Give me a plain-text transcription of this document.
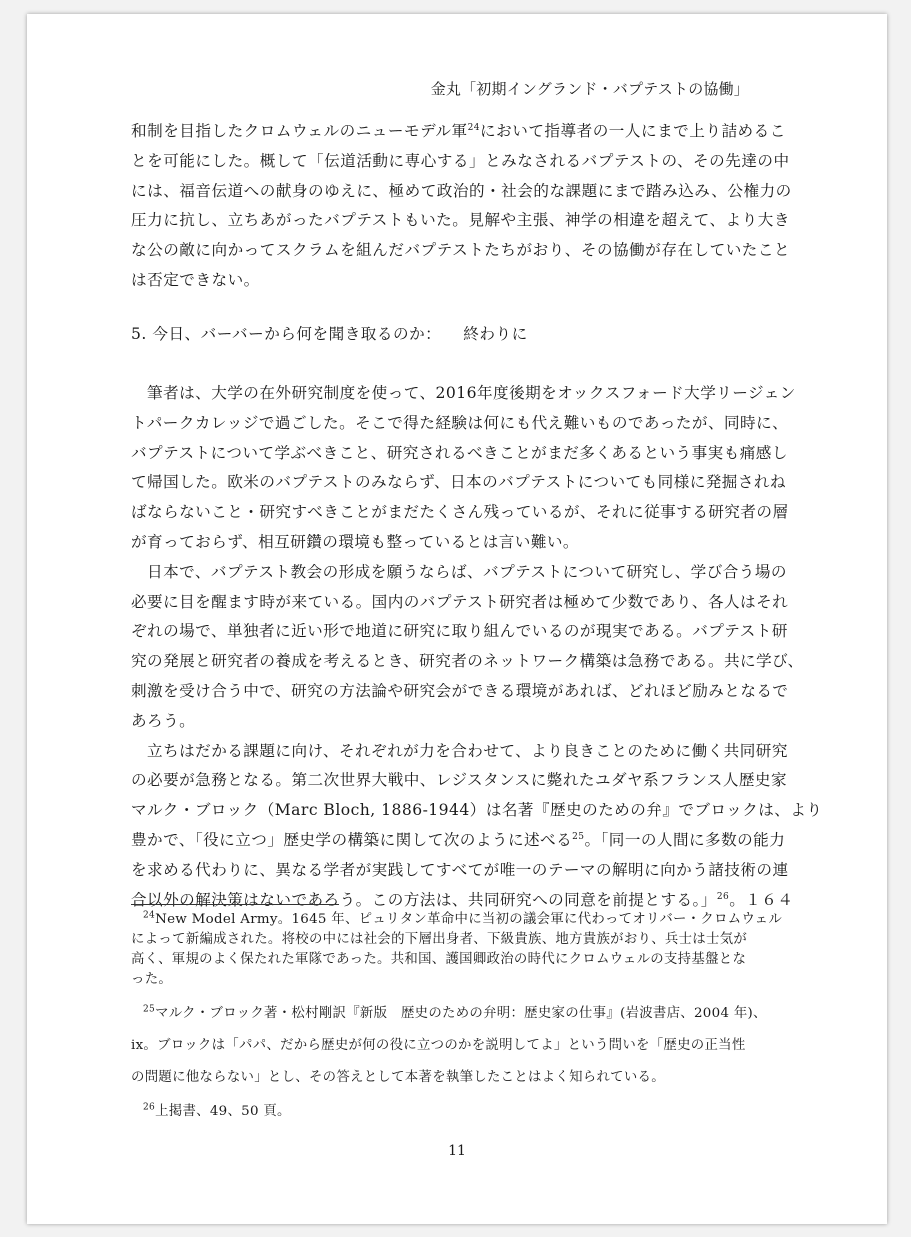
金丸「初期イングランド・バプテストの協働」

和制を目指したクロムウェルのニューモデル軍$^{24}$において指導者の一人にまで上り詰めるこ

とを可能にした。概して「伝道活動に専心する」とみなされるバプテストの、その先達の中

には、福音伝道への献身のゆえに、極めて政治的・社会的な課題にまで踏み込み、公権力の

圧力に抗し、立ちあがったバプテストもいた。見解や主張、神学の相違を超えて、より大き

な公の敵に向かってスクラムを組んだバプテストたちがおり、その協働が存在していたこと

は否定できない。

5. 今日、バーバーから何を聞き取るのか： 終わりに

　筆者は、大学の在外研究制度を使って、2016年度後期をオックスフォード大学リージェン

トパークカレッジで過ごした。そこで得た経験は何にも代え難いものであったが、同時に、

バプテストについて学ぶべきこと、研究されるべきことがまだ多くあるという事実も痛感し

て帰国した。欧米のバプテストのみならず、日本のバプテストについても同様に発掘されね

ばならないこと・研究すべきことがまだたくさん残っているが、それに従事する研究者の層

が育っておらず、相互研鑽の環境も整っているとは言い難い。

　日本で、バプテスト教会の形成を願うならば、バプテストについて研究し、学び合う場の

必要に目を醒ます時が来ている。国内のバプテスト研究者は極めて少数であり、各人はそれ

ぞれの場で、単独者に近い形で地道に研究に取り組んでいるのが現実である。バプテスト研

究の発展と研究者の養成を考えるとき、研究者のネットワーク構築は急務である。共に学び、

刺激を受け合う中で、研究の方法論や研究会ができる環境があれば、どれほど励みとなるで

あろう。

　立ちはだかる課題に向け、それぞれが力を合わせて、より良きことのために働く共同研究

の必要が急務となる。第二次世界大戦中、レジスタンスに斃れたユダヤ系フランス人歴史家

マルク・ブロック（Marc Bloch, 1886-1944）は名著『歴史のための弁』でブロックは、より

豊かで、「役に立つ」歴史学の構築に関して次のように述べる$^{25}$。「同一の人間に多数の能力

を求める代わりに、異なる学者が実践してすべてが唯一のテーマの解明に向かう諸技術の連

合以外の解決策はないであろう。この方法は、共同研究への同意を前提とする。」$^{26}$。１６４

$^{24}$New Model Army。1645 年、ピュリタン革命中に当初の議会軍に代わってオリバー・クロムウェル

によって新編成された。将校の中には社会的下層出身者、下級貴族、地方貴族がおり、兵士は士気が

高く、軍規のよく保たれた軍隊であった。共和国、護国卿政治の時代にクロムウェルの支持基盤とな

った。

$^{25}$マルク・ブロック著・松村剛訳『新版　歴史のための弁明：歴史家の仕事』(岩波書店、2004 年)、

ix。ブロックは「パパ、だから歴史が何の役に立つのかを説明してよ」という問いを「歴史の正当性

の問題に他ならない」とし、その答えとして本著を執筆したことはよく知られている。

$^{26}$上掲書、49、50 頁。

11
